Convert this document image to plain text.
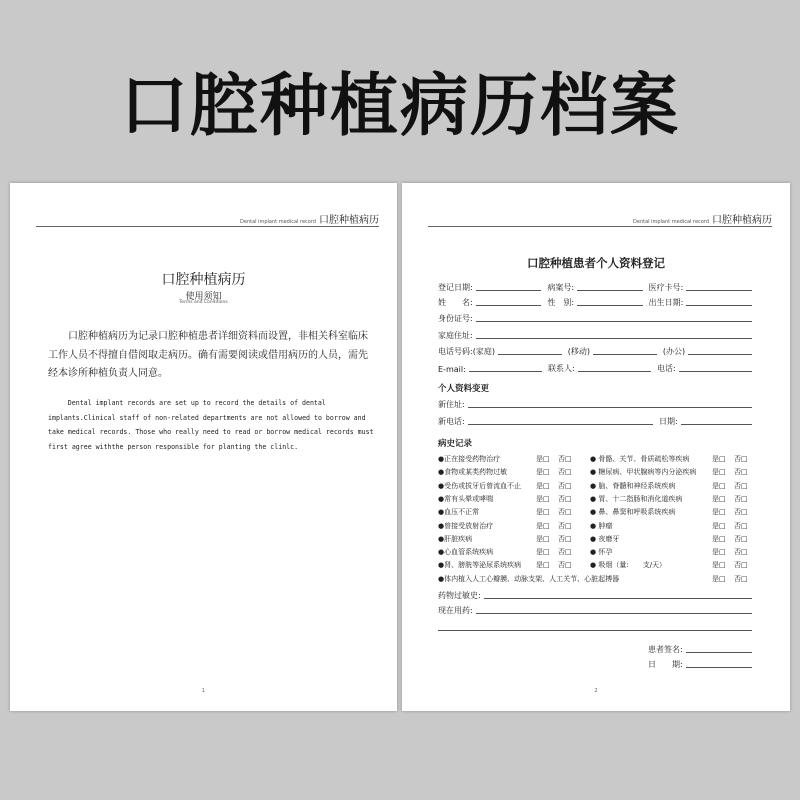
口腔种植病历档案
Dental implant medical record 口腔种植病历
口腔种植病历
使用须知
Terms and Conditions
口腔种植病历为记录口腔种植患者详细资料而设置，非相关科室临床工作人员不得擅自借阅取走病历。确有需要阅读或借用病历的人员，需先经本诊所种植负责人同意。
Dental implant records are set up to record the details of dental implants.Clinical staff of non-related departments are not allowed to borrow and take medical records. Those who really need to read or borrow medical records must first agree withthe person responsible for planting the clinlc.
1
Dental implant medical record 口腔种植病历
口腔种植患者个人资料登记
登记日期:	病案号:	医疗卡号:
姓　　名:	性　别:	出生日期:
身份证号:
家庭住址:
电话号码:(家庭)	(移动)	(办公)
E-mail:	联系人:	电话:
个人资料变更
新住址:
新电话:	日期:
病史记录
●正在接受药物治疗	是□ 否□	● 骨骼、关节、骨质疏松等疾病	是□ 否□
●食物或某类药物过敏	是□ 否□	● 糖尿病、甲状腺病等内分泌疾病 是□ 否□
●受伤或拔牙后曾流血不止 是□ 否□	● 脑、脊髓和神经系统疾病	是□ 否□
●常有头晕或哮喘	是□ 否□	● 胃、十二指肠和消化道疾病	是□ 否□
●血压不正常	是□ 否□	● 鼻、鼻窦和呼吸系统疾病	是□ 否□
●曾接受放射治疗	是□ 否□	● 肿瘤	是□ 否□
●肝脏疾病	是□ 否□	● 夜磨牙	是□ 否□
●心血管系统疾病	是□ 否□	● 怀孕	是□ 否□
●肾、膀胱等泌尿系统疾病 是□ 否□	● 吸烟（量:　　支/天）	是□ 否□
●体内植入人工心瓣膜、动脉支架、人工关节、心脏起搏器	是□ 否□
药物过敏史:
现在用药:
患者签名:
日　　期:
2
